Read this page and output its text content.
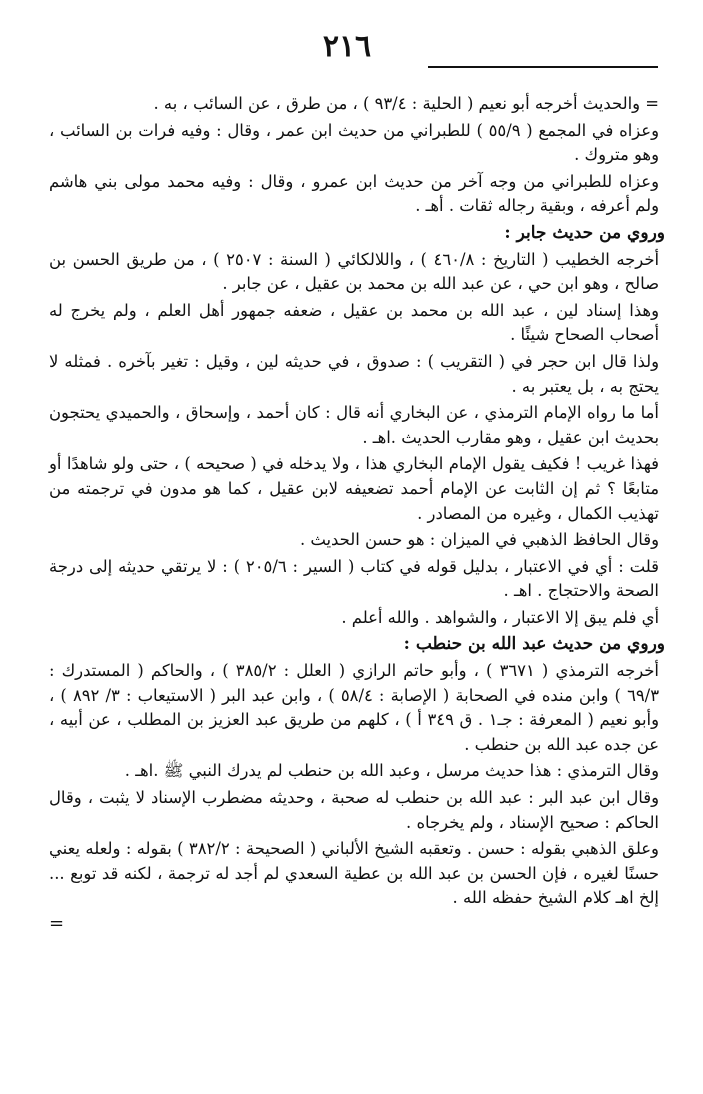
٢١٦

= والحديث أخرجه أبو نعيم ( الحلية : ٩٣/٤ ) ، من طرق ، عن السائب ، به .

وعزاه في المجمع ( ٥٥/٩ ) للطبراني من حديث ابن عمر ، وقال : وفيه فرات بن السائب ، وهو متروك .

وعزاه للطبراني من وجه آخر من حديث ابن عمرو ، وقال : وفيه محمد مولى بني هاشم ولم أعرفه ، وبقية رجاله ثقات . أهـ .

وروي من حديث جابر :

أخرجه الخطيب ( التاريخ : ٤٦٠/٨ ) ، واللالكائي ( السنة : ٢٥٠٧ ) ، من طريق الحسن بن صالح ، وهو ابن حي ، عن عبد الله بن محمد بن عقيل ، عن جابر .

وهذا إسناد لين ، عبد الله بن محمد بن عقيل ، ضعفه جمهور أهل العلم ، ولم يخرج له أصحاب الصحاح شيئًا .

ولذا قال ابن حجر في ( التقريب ) : صدوق ، في حديثه لين ، وقيل : تغير بآخره . فمثله لا يحتج به ، بل يعتبر به .

أما ما رواه الإمام الترمذي ، عن البخاري أنه قال : كان أحمد ، وإسحاق ، والحميدي يحتجون بحديث ابن عقيل ، وهو مقارب الحديث .اهـ .

فهذا غريب ! فكيف يقول الإمام البخاري هذا ، ولا يدخله في ( صحيحه ) ، حتى ولو شاهدًا أو متابعًا ؟ ثم إن الثابت عن الإمام أحمد تضعيفه لابن عقيل ، كما هو مدون في ترجمته من تهذيب الكمال ، وغيره من المصادر .

وقال الحافظ الذهبي في الميزان : هو حسن الحديث .

قلت : أي في الاعتبار ، بدليل قوله في كتاب ( السير : ٢٠٥/٦ ) : لا يرتقي حديثه إلى درجة الصحة والاحتجاج . اهـ .

أي فلم يبق إلا الاعتبار ، والشواهد . والله أعلم .

وروي من حديث عبد الله بن حنطب :

أخرجه الترمذي ( ٣٦٧١ ) ، وأبو حاتم الرازي ( العلل : ٣٨٥/٢ ) ، والحاكم ( المستدرك : ٦٩/٣ ) وابن منده في الصحابة ( الإصابة : ٥٨/٤ ) ، وابن عبد البر ( الاستيعاب : ٣/ ٨٩٢ ) ، وأبو نعيم ( المعرفة : جـ١ . ق ٣٤٩ أ ) ، كلهم من طريق عبد العزيز بن المطلب ، عن أبيه ، عن جده عبد الله بن حنطب .

وقال الترمذي : هذا حديث مرسل ، وعبد الله بن حنطب لم يدرك النبي ﷺ .اهـ .

وقال ابن عبد البر : عبد الله بن حنطب له صحبة ، وحديثه مضطرب الإسناد لا يثبت ، وقال الحاكم : صحيح الإسناد ، ولم يخرجاه .

وعلق الذهبي بقوله : حسن . وتعقبه الشيخ الألباني ( الصحيحة : ٣٨٢/٢ ) بقوله : ولعله يعني حسنًا لغيره ، فإن الحسن بن عبد الله بن عطية السعدي لم أجد له ترجمة ، لكنه قد توبع ... إلخ اهـ كلام الشيخ حفظه الله .

=
